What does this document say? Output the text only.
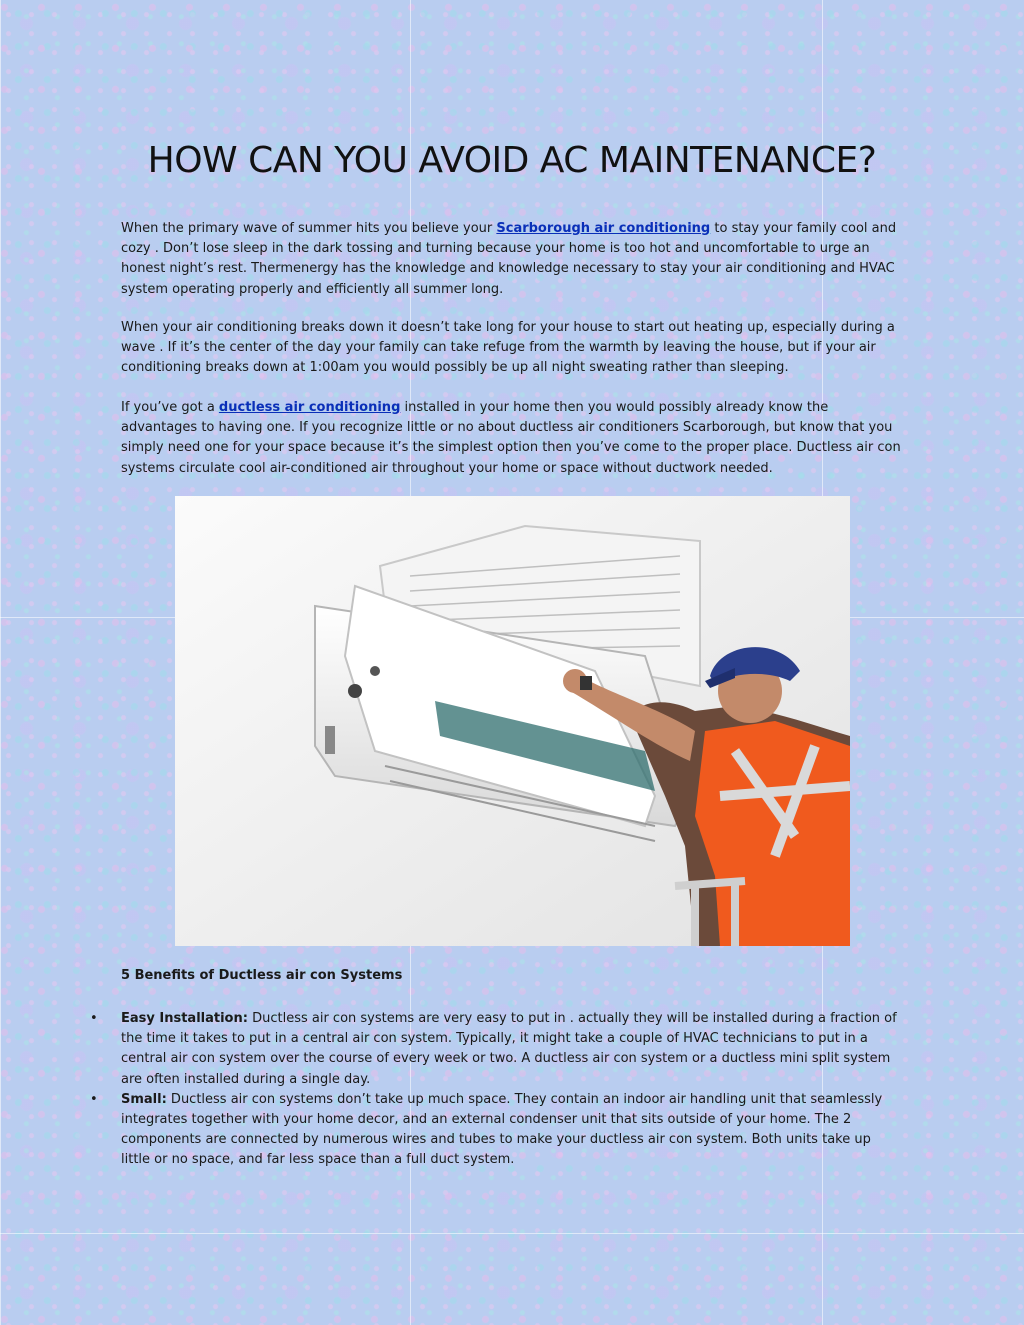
HOW CAN YOU AVOID AC MAINTENANCE?

When the primary wave of summer hits you believe your Scarborough air conditioning to stay your family cool and cozy . Don’t lose sleep in the dark tossing and turning because your home is too hot and uncomfortable to urge an honest night’s rest. Thermenergy has the knowledge and knowledge necessary to stay your air conditioning and HVAC system operating properly and efficiently all summer long.

When your air conditioning breaks down it doesn’t take long for your house to start out heating up, especially during a wave . If it’s the center of the day your family can take refuge from the warmth by leaving the house, but if your air conditioning breaks down at 1:00am you would possibly be up all night sweating rather than sleeping.

If you’ve got a ductless air conditioning installed in your home then you would possibly already know the advantages to having one. If you recognize little or no about ductless air conditioners Scarborough, but know that you simply need one for your space because it’s the simplest option then you’ve come to the proper place. Ductless air con systems circulate cool air-conditioned air throughout your home or space without ductwork needed.

5 Benefits of Ductless air con Systems
• Easy Installation: Ductless air con systems are very easy to put in . actually they will be installed during a fraction of the time it takes to put in a central air con system. Typically, it might take a couple of HVAC technicians to put in a central air con system over the course of every week or two. A ductless air con system or a ductless mini split system are often installed during a single day.
• Small: Ductless air con systems don’t take up much space. They contain an indoor air handling unit that seamlessly integrates together with your home decor, and an external condenser unit that sits outside of your home. The 2 components are connected by numerous wires and tubes to make your ductless air con system. Both units take up little or no space, and far less space than a full duct system.
